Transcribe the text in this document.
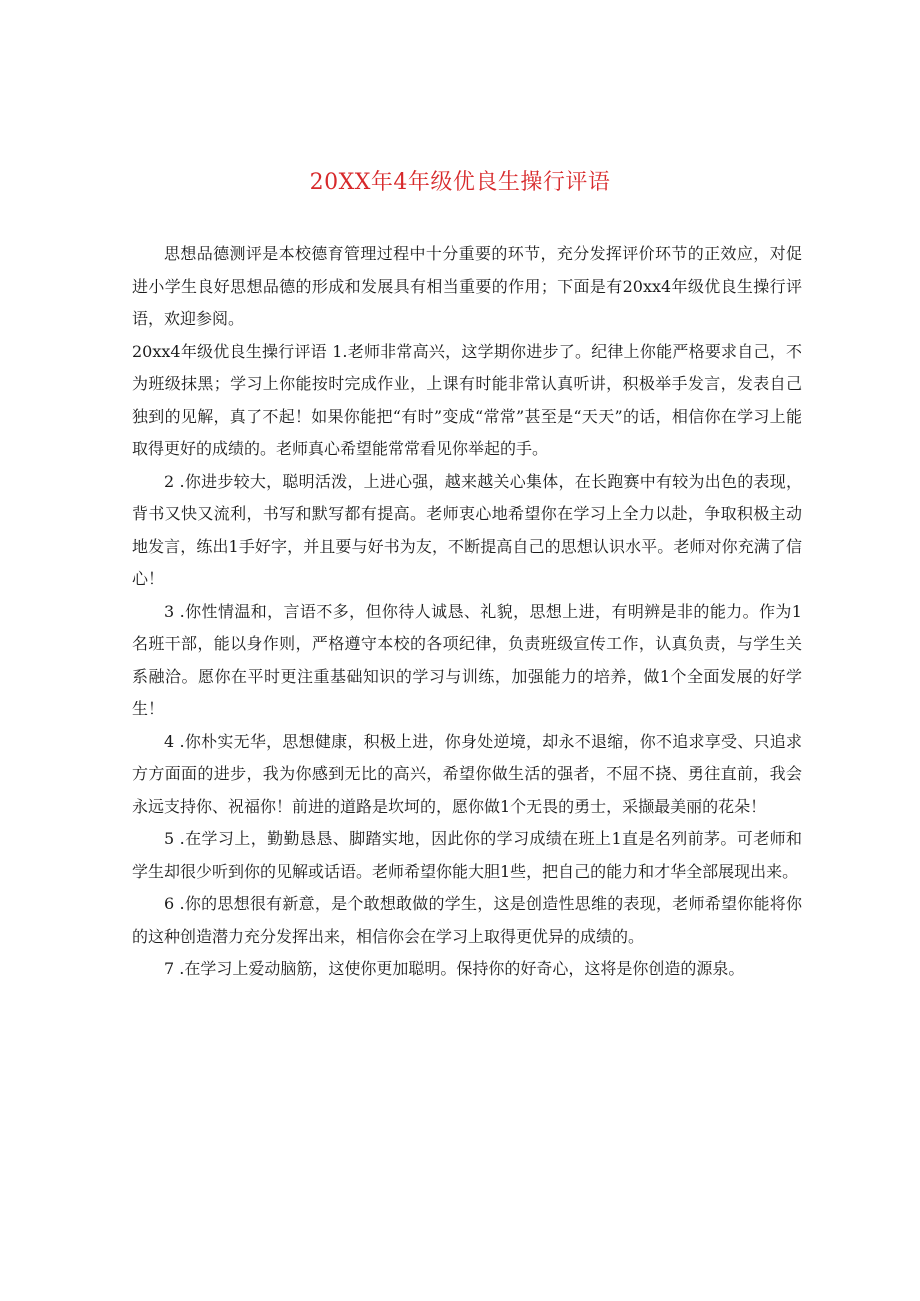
20XX年4年级优良生操行评语

思想品德测评是本校德育管理过程中十分重要的环节，充分发挥评价环节的正效应，对促进小学生良好思想品德的形成和发展具有相当重要的作用；下面是有20xx4年级优良生操行评语，欢迎参阅。

20xx4年级优良生操行评语 1.老师非常高兴，这学期你进步了。纪律上你能严格要求自己，不为班级抹黑；学习上你能按时完成作业，上课有时能非常认真听讲，积极举手发言，发表自己独到的见解，真了不起！如果你能把“有时”变成“常常”甚至是“天天”的话，相信你在学习上能取得更好的成绩的。老师真心希望能常常看见你举起的手。

2 .你进步较大，聪明活泼，上进心强，越来越关心集体，在长跑赛中有较为出色的表现，背书又快又流利，书写和默写都有提高。老师衷心地希望你在学习上全力以赴，争取积极主动地发言，练出1手好字，并且要与好书为友，不断提高自己的思想认识水平。老师对你充满了信心！

3 .你性情温和，言语不多，但你待人诚恳、礼貌，思想上进，有明辨是非的能力。作为1名班干部，能以身作则，严格遵守本校的各项纪律，负责班级宣传工作，认真负责，与学生关系融洽。愿你在平时更注重基础知识的学习与训练，加强能力的培养，做1个全面发展的好学生！

4 .你朴实无华，思想健康，积极上进，你身处逆境，却永不退缩，你不追求享受、只追求方方面面的进步，我为你感到无比的高兴，希望你做生活的强者，不屈不挠、勇往直前，我会永远支持你、祝福你！前进的道路是坎坷的，愿你做1个无畏的勇士，采撷最美丽的花朵！

5 .在学习上，勤勤恳恳、脚踏实地，因此你的学习成绩在班上1直是名列前茅。可老师和学生却很少听到你的见解或话语。老师希望你能大胆1些，把自己的能力和才华全部展现出来。

6 .你的思想很有新意，是个敢想敢做的学生，这是创造性思维的表现，老师希望你能将你的这种创造潜力充分发挥出来，相信你会在学习上取得更优异的成绩的。

7 .在学习上爱动脑筋，这使你更加聪明。保持你的好奇心，这将是你创造的源泉。
